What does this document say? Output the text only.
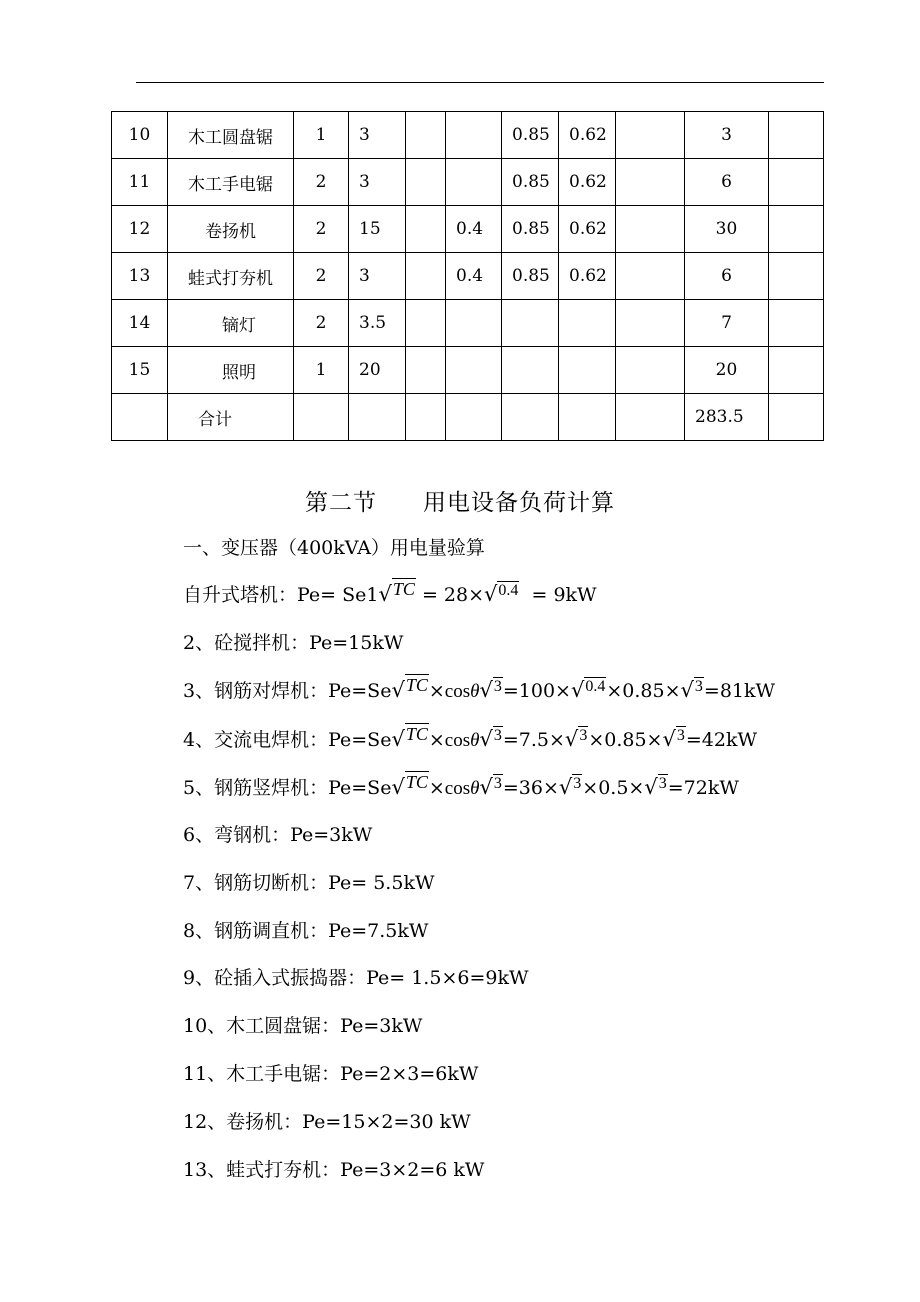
10	木工圆盘锯	1	3			0.85	0.62		3	
11	木工手电锯	2	3			0.85	0.62		6	
12	卷扬机	2	15		0.4	0.85	0.62		30	
13	蛙式打夯机	2	3		0.4	0.85	0.62		6	
14	镝灯	2	3.5						7	
15	照明	1	20						20	
	合计								283.5	
第二节 用电设备负荷计算
一、变压器（400kVA）用电量验算
自升式塔机：Pe= Se1√TC = 28×√$^{0.4}$ = 9kW
2、砼搅拌机：Pe=15kW
3、钢筋对焊机：Pe=Se√TC×cosθ√$^3$=100×√$^{0.4}$×0.85×√$^3$=81kW
4、交流电焊机：Pe=Se√TC×cosθ√$^3$=7.5×√$^3$×0.85×√$^3$=42kW
5、钢筋竖焊机：Pe=Se√TC×cosθ√$^3$=36×√$^3$×0.5×√$^3$=72kW
6、弯钢机：Pe=3kW
7、钢筋切断机：Pe= 5.5kW
8、钢筋调直机：Pe=7.5kW
9、砼插入式振捣器：Pe= 1.5×6=9kW
10、木工圆盘锯：Pe=3kW
11、木工手电锯：Pe=2×3=6kW
12、卷扬机：Pe=15×2=30 kW
13、蛙式打夯机：Pe=3×2=6 kW
